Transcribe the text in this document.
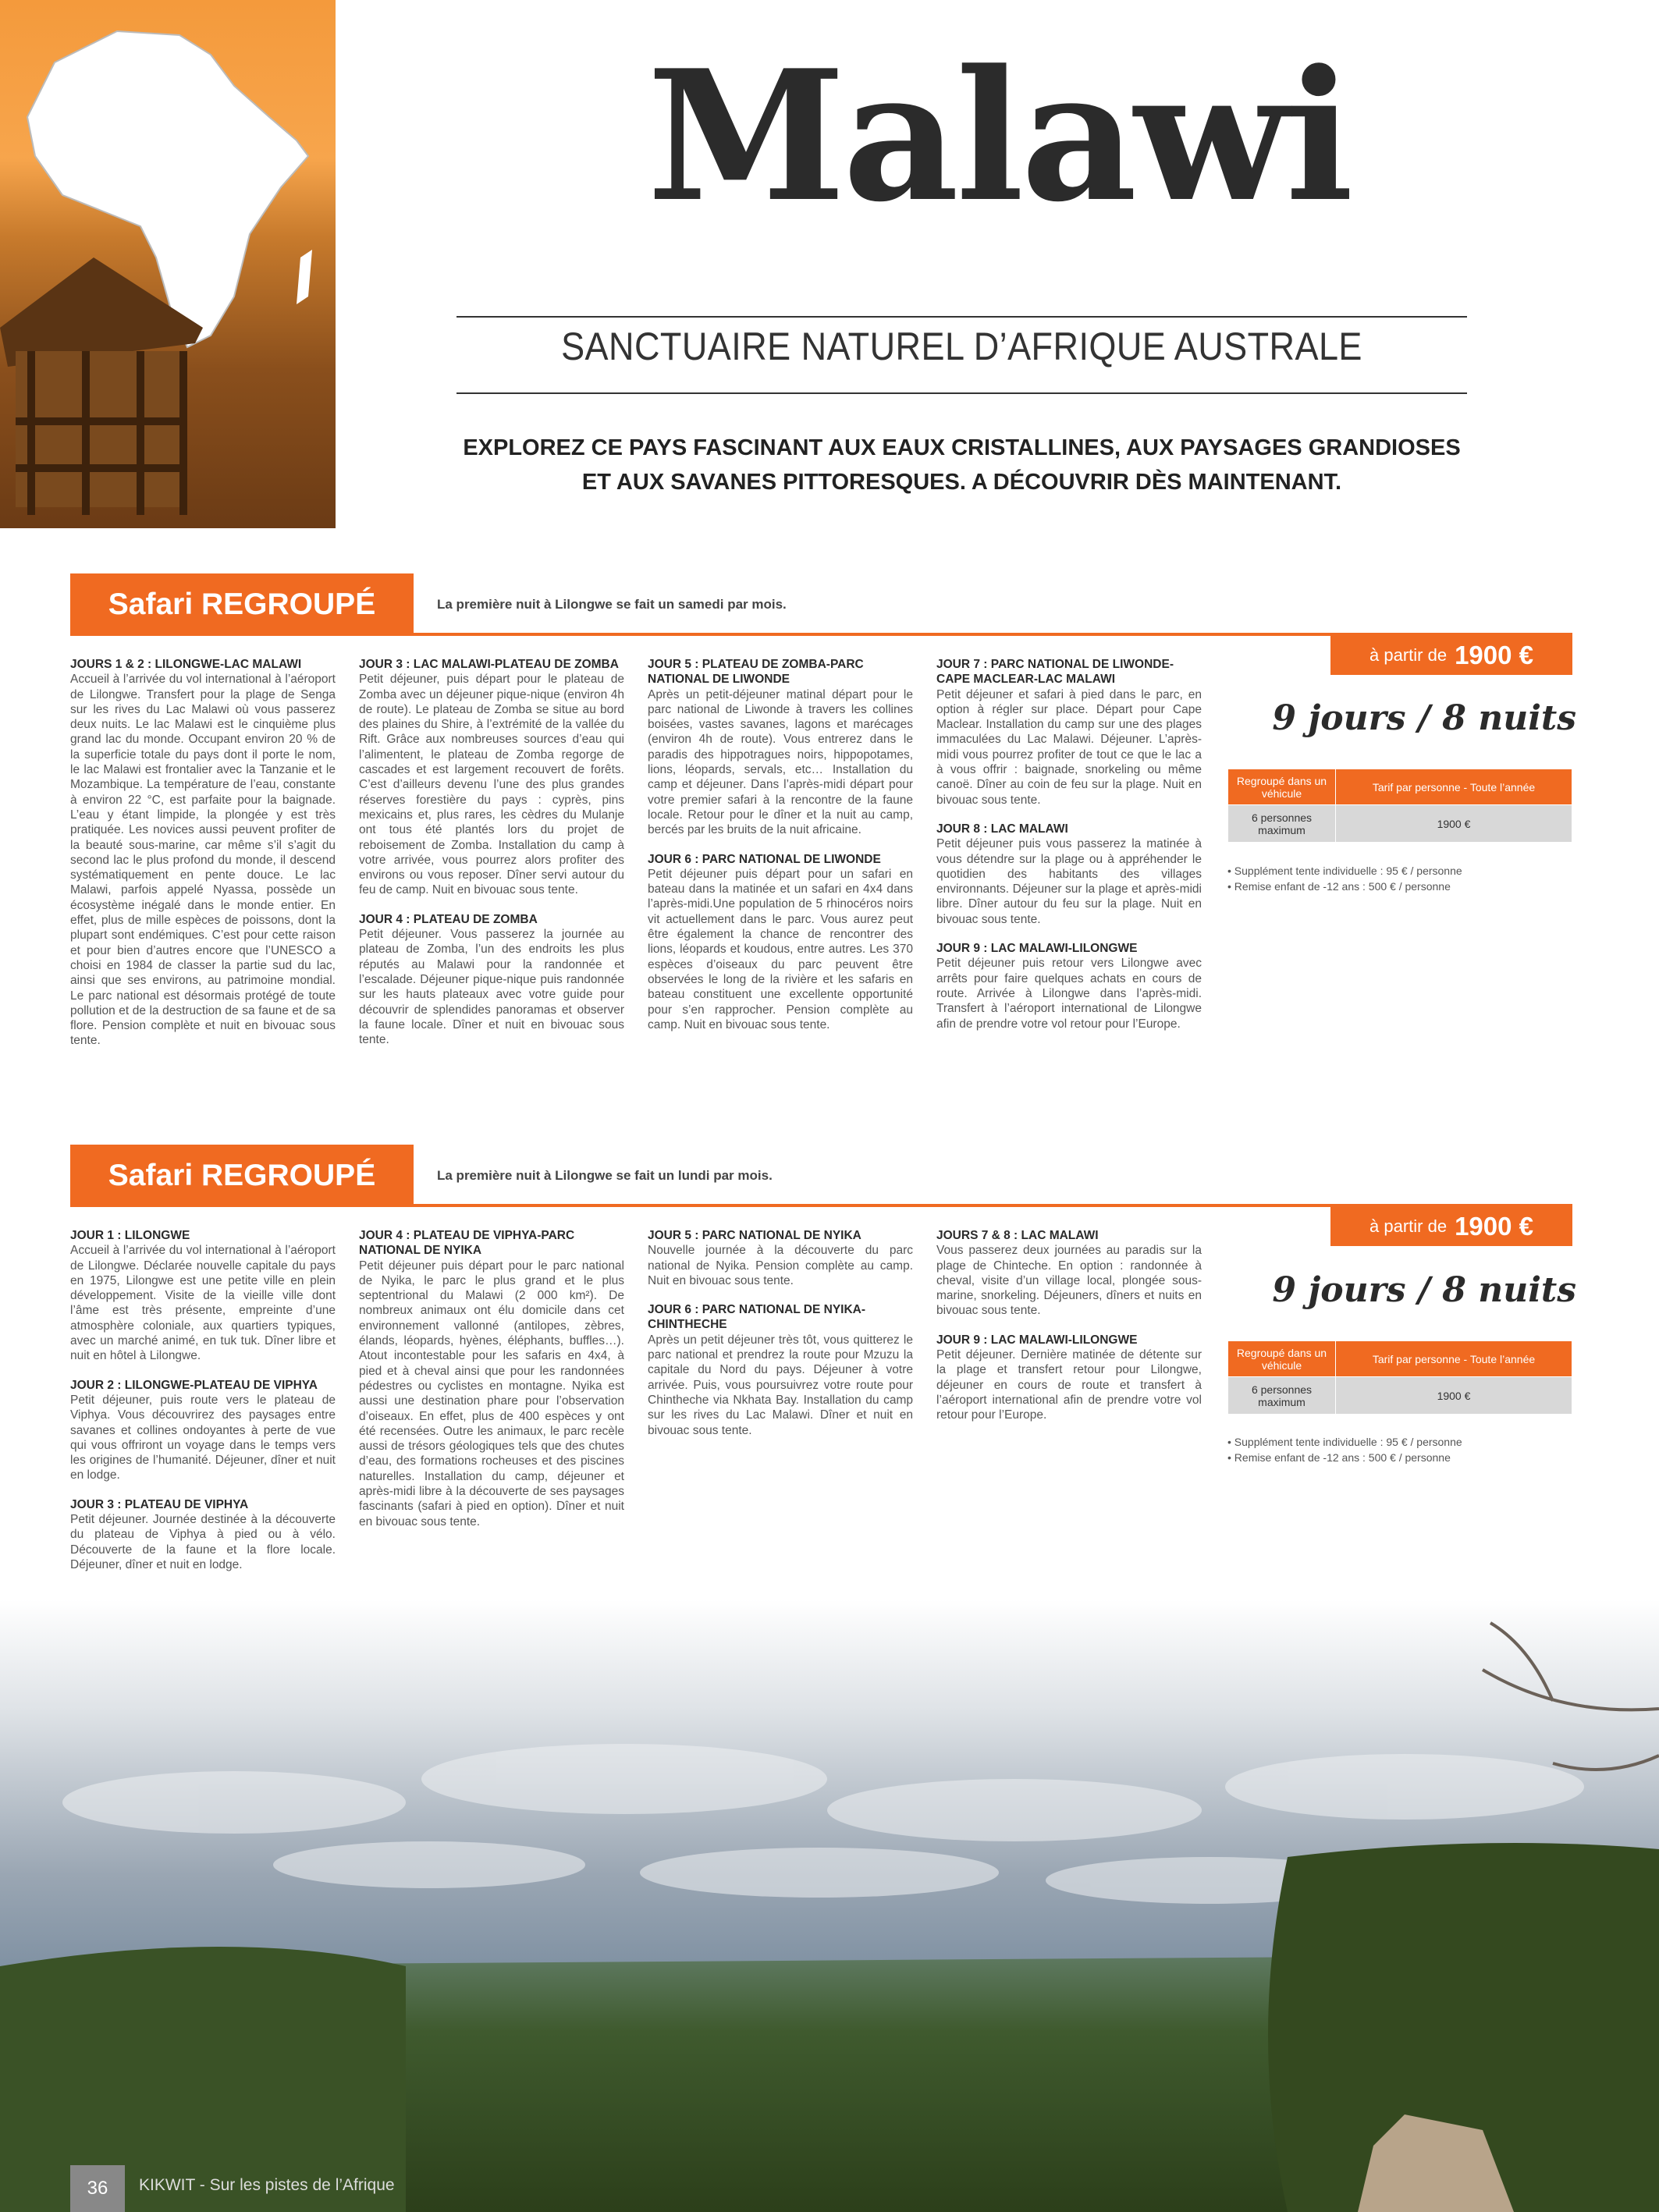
Malawi
SANCTUAIRE NATUREL D’AFRIQUE AUSTRALE
EXPLOREZ CE PAYS FASCINANT AUX EAUX CRISTALLINES, AUX PAYSAGES GRANDIOSES ET AUX SAVANES PITTORESQUES. A DÉCOUVRIR DÈS MAINTENANT.
Safari REGROUPÉ	La première nuit à Lilongwe se fait un samedi par mois.
JOURS 1 & 2 : LILONGWE-LAC MALAWI

Accueil à l’arrivée du vol international à l’aéroport de Lilongwe. Transfert pour la plage de Senga sur les rives du Lac Malawi où vous passerez deux nuits. Le lac Malawi est le cinquième plus grand lac du monde. Occupant environ 20 % de la superficie totale du pays dont il porte le nom, le lac Malawi est frontalier avec la Tanzanie et le Mozambique. La température de l’eau, constante à environ 22 °C, est parfaite pour la baignade. L’eau y étant limpide, la plongée y est très pratiquée. Les novices aussi peuvent profiter de la beauté sous-marine, car même s’il s’agit du second lac le plus profond du monde, il descend systématiquement en pente douce. Le lac Malawi, parfois appelé Nyassa, possède un écosystème inégalé dans le monde entier. En effet, plus de mille espèces de poissons, dont la plupart sont endémiques. C’est pour cette raison et pour bien d’autres encore que l’UNESCO a choisi en 1984 de classer la partie sud du lac, ainsi que ses environs, au patrimoine mondial. Le parc national est désormais protégé de toute pollution et de la destruction de sa faune et de sa flore. Pension complète et nuit en bivouac sous tente.

JOUR 3 : LAC MALAWI-PLATEAU DE ZOMBA

Petit déjeuner, puis départ pour le plateau de Zomba avec un déjeuner pique-nique (environ 4h de route). Le plateau de Zomba se situe au bord des plaines du Shire, à l’extrémité de la vallée du Rift. Grâce aux nombreuses sources d’eau qui l’alimentent, le plateau de Zomba regorge de cascades et est largement recouvert de forêts. C’est d’ailleurs devenu l’une des plus grandes réserves forestière du pays : cyprès, pins mexicains et, plus rares, les cèdres du Mulanje ont tous été plantés lors du projet de reboisement de Zomba. Installation du camp à votre arrivée, vous pourrez alors profiter des environs ou vous reposer. Dîner servi autour du feu de camp. Nuit en bivouac sous tente.

JOUR 4 : PLATEAU DE ZOMBA

Petit déjeuner. Vous passerez la journée au plateau de Zomba, l’un des endroits les plus réputés au Malawi pour la randonnée et l’escalade. Déjeuner pique-nique puis randonnée sur les hauts plateaux avec votre guide pour découvrir de splendides panoramas et observer la faune locale. Dîner et nuit en bivouac sous tente.

JOUR 5 : PLATEAU DE ZOMBA-PARC NATIONAL DE LIWONDE

Après un petit-déjeuner matinal départ pour le parc national de Liwonde à travers les collines boisées, vastes savanes, lagons et marécages (environ 4h de route). Vous entrerez dans le paradis des hippotragues noirs, hippopotames, lions, léopards, servals, etc… Installation du camp et déjeuner. Dans l’après-midi départ pour votre premier safari à la rencontre de la faune locale. Retour pour le dîner et la nuit au camp, bercés par les bruits de la nuit africaine.

JOUR 6 : PARC NATIONAL DE LIWONDE

Petit déjeuner puis départ pour un safari en bateau dans la matinée et un safari en 4x4 dans l’après-midi.Une population de 5 rhinocéros noirs vit actuellement dans le parc. Vous aurez peut être également la chance de rencontrer des lions, léopards et koudous, entre autres. Les 370 espèces d’oiseaux du parc peuvent être observées le long de la rivière et les safaris en bateau constituent une excellente opportunité pour s’en rapprocher. Pension complète au camp. Nuit en bivouac sous tente.

JOUR 7 : PARC NATIONAL DE LIWONDE-CAPE MACLEAR-LAC MALAWI

Petit déjeuner et safari à pied dans le parc, en option à régler sur place. Départ pour Cape Maclear. Installation du camp sur une des plages immaculées du Lac Malawi. Déjeuner. L’après-midi vous pourrez profiter de tout ce que le lac a à vous offrir : baignade, snorkeling ou même canoë. Dîner au coin de feu sur la plage. Nuit en bivouac sous tente.

JOUR 8 : LAC MALAWI

Petit déjeuner puis vous passerez la matinée à vous détendre sur la plage ou à appréhender le quotidien des habitants des villages environnants. Déjeuner sur la plage et après-midi libre. Dîner autour du feu sur la plage. Nuit en bivouac sous tente.

JOUR 9 : LAC MALAWI-LILONGWE

Petit déjeuner puis retour vers Lilongwe avec arrêts pour faire quelques achats en cours de route. Arrivée à Lilongwe dans l’après-midi. Transfert à l’aéroport international de Lilongwe afin de prendre votre vol retour pour l’Europe.

à partir de 1900 €
9 jours / 8 nuits
Regroupé dans un véhicule	Tarif par personne - Toute l’année
6 personnes maximum	1900 €
• Supplément tente individuelle : 95 € / personne
• Remise enfant de -12 ans : 500 € / personne
Safari REGROUPÉ	La première nuit à Lilongwe se fait un lundi par mois.
JOUR 1 : LILONGWE

Accueil à l’arrivée du vol international à l’aéroport de Lilongwe. Déclarée nouvelle capitale du pays en 1975, Lilongwe est une petite ville en plein développement. Visite de la vieille ville dont l’âme est très présente, empreinte d’une atmosphère coloniale, aux quartiers typiques, avec un marché animé, en tuk tuk. Dîner libre et nuit en hôtel à Lilongwe.

JOUR 2 : LILONGWE-PLATEAU DE VIPHYA

Petit déjeuner, puis route vers le plateau de Viphya. Vous découvrirez des paysages entre savanes et collines ondoyantes à perte de vue qui vous offriront un voyage dans le temps vers les origines de l’humanité. Déjeuner, dîner et nuit en lodge.

JOUR 3 : PLATEAU DE VIPHYA

Petit déjeuner. Journée destinée à la découverte du plateau de Viphya à pied ou à vélo. Découverte de la faune et la flore locale. Déjeuner, dîner et nuit en lodge.

JOUR 4 : PLATEAU DE VIPHYA-PARC NATIONAL DE NYIKA

Petit déjeuner puis départ pour le parc national de Nyika, le parc le plus grand et le plus septentrional du Malawi (2 000 km²). De nombreux animaux ont élu domicile dans cet environnement vallonné (antilopes, zèbres, élands, léopards, hyènes, éléphants, buffles…). Atout incontestable pour les safaris en 4x4, à pied et à cheval ainsi que pour les randonnées pédestres ou cyclistes en montagne. Nyika est aussi une destination phare pour l’observation d’oiseaux. En effet, plus de 400 espèces y ont été recensées. Outre les animaux, le parc recèle aussi de trésors géologiques tels que des chutes d’eau, des formations rocheuses et des piscines naturelles. Installation du camp, déjeuner et après-midi libre à la découverte de ses paysages fascinants (safari à pied en option). Dîner et nuit en bivouac sous tente.

JOUR 5 : PARC NATIONAL DE NYIKA

Nouvelle journée à la découverte du parc national de Nyika. Pension complète au camp. Nuit en bivouac sous tente.

JOUR 6 : PARC NATIONAL DE NYIKA-CHINTHECHE

Après un petit déjeuner très tôt, vous quitterez le parc national et prendrez la route pour Mzuzu la capitale du Nord du pays. Déjeuner à votre arrivée. Puis, vous poursuivrez votre route pour Chintheche via Nkhata Bay. Installation du camp sur les rives du Lac Malawi. Dîner et nuit en bivouac sous tente.

JOURS 7 & 8 : LAC MALAWI

Vous passerez deux journées au paradis sur la plage de Chinteche. En option : randonnée à cheval, visite d’un village local, plongée sous-marine, snorkeling. Déjeuners, dîners et nuits en bivouac sous tente.

JOUR 9 : LAC MALAWI-LILONGWE

Petit déjeuner. Dernière matinée de détente sur la plage et transfert retour pour Lilongwe, déjeuner en cours de route et transfert à l’aéroport international afin de prendre votre vol retour pour l’Europe.

à partir de 1900 €
9 jours / 8 nuits
Regroupé dans un véhicule	Tarif par personne - Toute l’année
6 personnes maximum	1900 €
• Supplément tente individuelle : 95 € / personne
• Remise enfant de -12 ans : 500 € / personne
36	KIKWIT - Sur les pistes de l’Afrique
